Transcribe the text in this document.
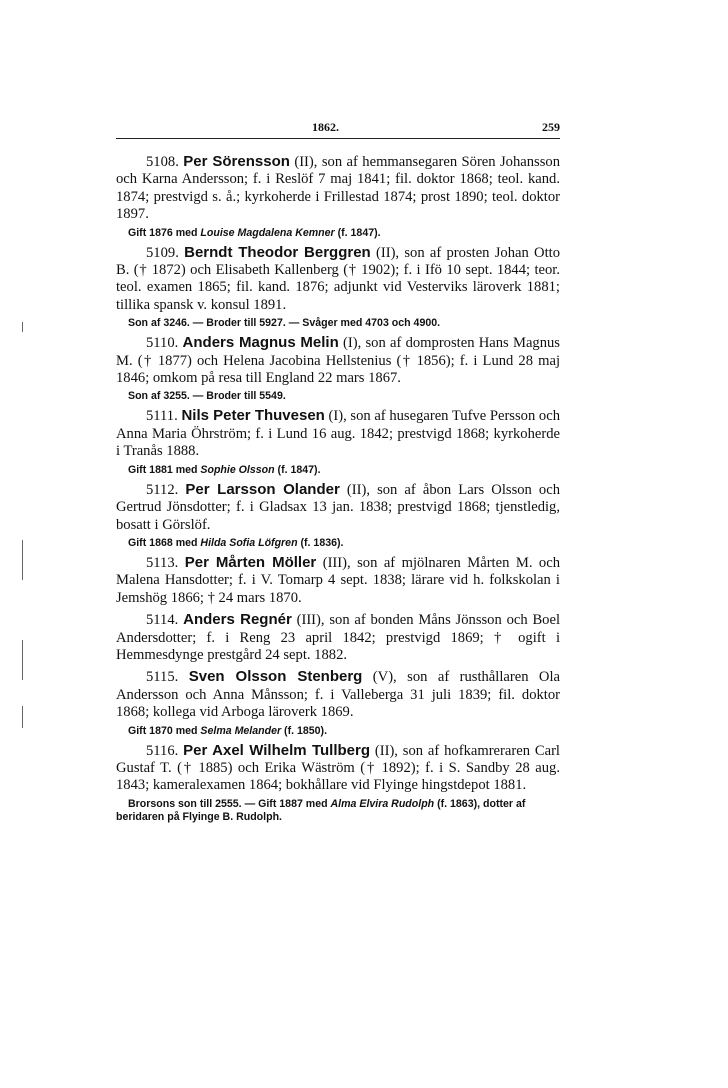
1862.	259

5108. Per Sörensson (II), son af hemmansegaren Sören Johansson och Karna Andersson; f. i Reslöf 7 maj 1841; fil. doktor 1868; teol. kand. 1874; prestvigd s. å.; kyrkoherde i Frillestad 1874; prost 1890; teol. doktor 1897.

Gift 1876 med Louise Magdalena Kemner (f. 1847).

5109. Berndt Theodor Berggren (II), son af prosten Johan Otto B. († 1872) och Elisabeth Kallenberg († 1902); f. i Ifö 10 sept. 1844; teor. teol. examen 1865; fil. kand. 1876; adjunkt vid Vesterviks läroverk 1881; tillika spansk v. konsul 1891.

Son af 3246. — Broder till 5927. — Svåger med 4703 och 4900.

5110. Anders Magnus Melin (I), son af domprosten Hans Magnus M. († 1877) och Helena Jacobina Hellstenius († 1856); f. i Lund 28 maj 1846; omkom på resa till England 22 mars 1867.

Son af 3255. — Broder till 5549.

5111. Nils Peter Thuvesen (I), son af husegaren Tufve Persson och Anna Maria Öhrström; f. i Lund 16 aug. 1842; prestvigd 1868; kyrkoherde i Tranås 1888.

Gift 1881 med Sophie Olsson (f. 1847).

5112. Per Larsson Olander (II), son af åbon Lars Olsson och Gertrud Jönsdotter; f. i Gladsax 13 jan. 1838; prestvigd 1868; tjenstledig, bosatt i Görslöf.

Gift 1868 med Hilda Sofia Löfgren (f. 1836).

5113. Per Mårten Möller (III), son af mjölnaren Mårten M. och Malena Hansdotter; f. i V. Tomarp 4 sept. 1838; lärare vid h. folkskolan i Jemshög 1866; † 24 mars 1870.

5114. Anders Regnér (III), son af bonden Måns Jönsson och Boel Andersdotter; f. i Reng 23 april 1842; prestvigd 1869; † ogift i Hemmesdynge prestgård 24 sept. 1882.

5115. Sven Olsson Stenberg (V), son af rusthållaren Ola Andersson och Anna Månsson; f. i Valleberga 31 juli 1839; fil. doktor 1868; kollega vid Arboga läroverk 1869.

Gift 1870 med Selma Melander (f. 1850).

5116. Per Axel Wilhelm Tullberg (II), son af hofkamreraren Carl Gustaf T. († 1885) och Erika Wäström († 1892); f. i S. Sandby 28 aug. 1843; kameralexamen 1864; bokhållare vid Flyinge hingstdepot 1881.

Brorsons son till 2555. — Gift 1887 med Alma Elvira Rudolph (f. 1863), dotter af beridaren på Flyinge B. Rudolph.
